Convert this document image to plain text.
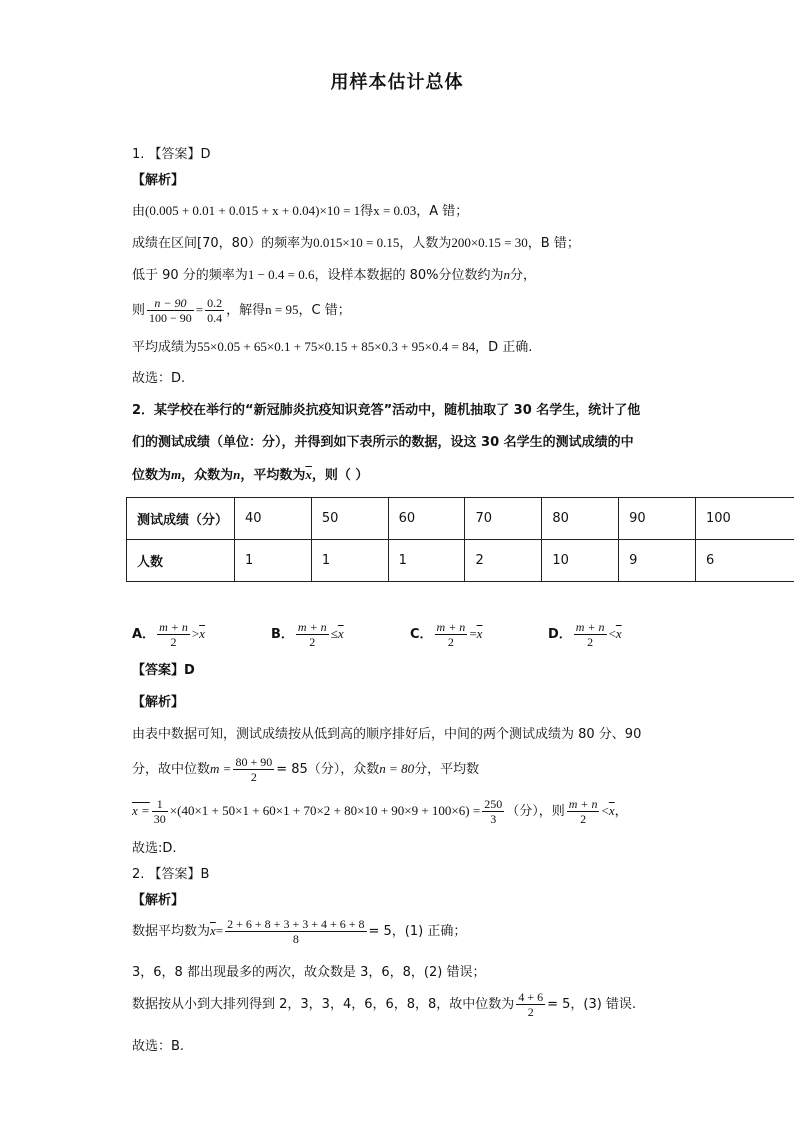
用样本估计总体
1. 【答案】D
【解析】
由(0.005 + 0.01 + 0.015 + x + 0.04)×10 = 1得x = 0.03，A 错；
成绩在区间[70，80）的频率为0.015×10 = 0.15，人数为200×0.15 = 30，B 错；
低于 90 分的频率为1 − 0.4 = 0.6，设样本数据的 80%分位数约为n分，
则 $\frac{n - 90}{100 - 90} = \frac{0.2}{0.4}$ ，解得n = 95，C 错；
平均成绩为55×0.05 + 65×0.1 + 75×0.15 + 85×0.3 + 95×0.4 = 84，D 正确.
故选：D.
2．某学校在举行的“新冠肺炎抗疫知识竞答”活动中，随机抽取了 30 名学生，统计了他
们的测试成绩（单位：分），并得到如下表所示的数据，设这 30 名学生的测试成绩的中
位数为m，众数为n，平均数为$\overline{x}$，则（ ）
测试成绩（分）	40	50	60	70	80	90	100
人数	1	1	1	2	10	9	6
A． $\frac{m + n}{2} >\overline{x}$	B． $\frac{m + n}{2} \le\overline{x}$	C． $\frac{m + n}{2} =\overline{x}$	D． $\frac{m + n}{2} <\overline{x}$
【答案】D
【解析】
由表中数据可知，测试成绩按从低到高的顺序排好后，中间的两个测试成绩为 80 分、90
分，故中位数$m = \frac{80 + 90}{2} = 85$（分），众数n = 80分，平均数
$x = \frac{1}{30} \times(40\times 1 + 50\times 1 + 60\times 1 + 70\times 2 + 80\times 10 + 90\times 9 + 100\times 6) = \frac{250}{3}$ （分），则 $\frac{m + n}{2} <\overline{x}$，
故选:D.
2. 【答案】B
【解析】
数据平均数为$\overline{x}= \frac{2 + 6 + 8 + 3 + 3 + 4 + 6 + 8}{8} = 5$，(1) 正确；
3，6，8 都出现最多的两次，故众数是 3，6，8，(2) 错误；
数据按从小到大排列得到 2，3，3，4，6，6，8，8，故中位数为 $\frac{4 + 6}{2} = 5$，(3) 错误.
故选：B.
